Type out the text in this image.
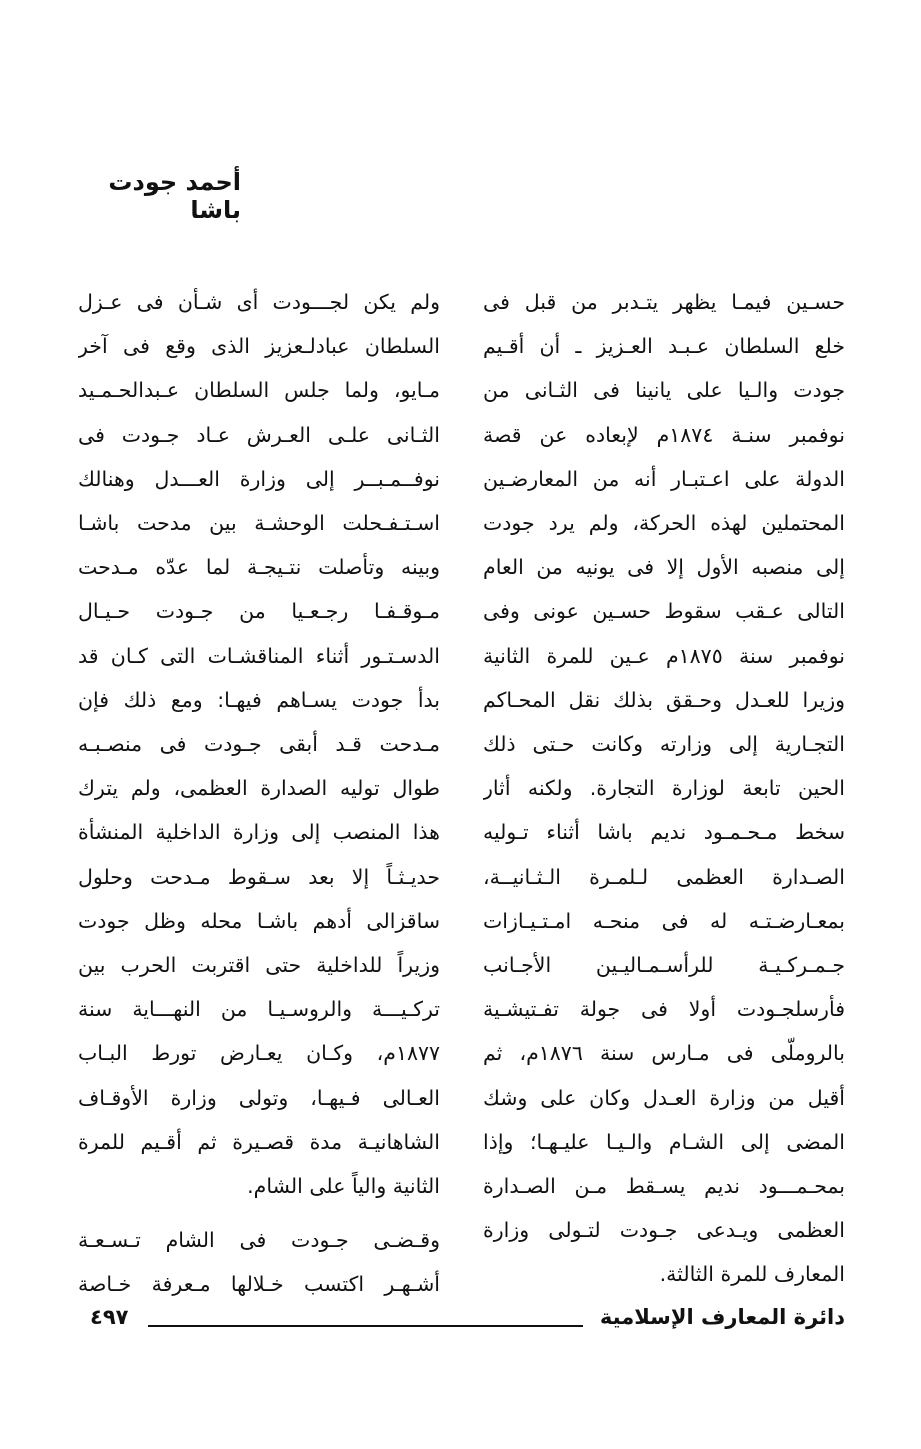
أحمد جودت باشا
حسـين فيمـا يظهر يتـدبر من قبل فى
خلع السلطان عـبـد العـزيز ـ أن أقـيم
جودت والـيا على يانينا فى الثـانى من
نوفمبر سنـة ١٨٧٤م لإبعاده عن قصة
الدولة على اعـتبـار أنه من المعارضـين
المحتملين لهذه الحركة، ولم يرد جودت
إلى منصبه الأول إلا فى يونيه من العام
التالى عـقب سقوط حسـين عونى وفى
نوفمبر سنة ١٨٧٥م عـين للمرة الثانية
وزيرا للعـدل وحـقق بذلك نقل المحـاكم
التجـارية إلى وزارته وكانت حـتى ذلك
الحين تابعة لوزارة التجارة. ولكنه أثار
سخط مـحـمـود نديم باشا أثناء تـوليه
الصـدارة العظمى لـلمـرة الـثـانيــة،
بمعـارضـتـه له فى منحـه امـتـيـازات
جـمـركـيـة للرأسـمـاليـين الأجـانب
فأرسلجـودت أولا فى جولة تفـتيشـية
بالروملّى فى مـارس سنة ١٨٧٦م، ثم
أقيل من وزارة العـدل وكان على وشك
المضى إلى الشـام والـيـا عليـهـا؛ وإذا
بمحـمـــود نديم يسـقط مـن الصـدارة
العظمى ويـدعى جـودت لتـولى وزارة
المعارف للمرة الثالثة.
ولم يكن لجـــودت أى شـأن فى عـزل
السلطان عبادلـعزيز الذى وقع فى آخر
مـايو، ولما جلس السلطان عـبدالحـمـيد
الثـانى علـى العـرش عـاد جـودت فى
نوفــمـبــر إلى وزارة العـــدل وهنالك
اسـتـفـحلت الوحشـة بين مدحت باشـا
وبينه وتأصلت نتـيجـة لما عدّه مـدحت
مـوقـفـا رجـعـيا من جـودت حـيـال
الدسـتـور أثناء المناقشـات التى كـان قد
بدأ جودت يسـاهم فيهـا: ومع ذلك فإن
مـدحت قـد أبقى جـودت فى منصـبـه
طوال توليه الصدارة العظمى، ولم يترك
هذا المنصب إلى وزارة الداخلية المنشأة
حديـثـاً إلا بعد سـقوط مـدحت وحلول
ساقزالى أدهم باشـا محله وظل جودت
وزيراً للداخلية حتى اقتربت الحرب بين
تركـيـــة والروسـيـا من النهـــاية سنة
١٨٧٧م، وكـان يعـارض تورط البـاب
العـالى فـيهـا، وتولى وزارة الأوقـاف
الشاهانيـة مدة قصـيرة ثم أقـيم للمرة
الثانية والياً على الشام.
وقـضـى جـودت فى الشام تـسـعـة
أشـهـر اكتسب خـلالها مـعرفة خـاصة
دائرة المعارف الإسلامية
٤٩٧
